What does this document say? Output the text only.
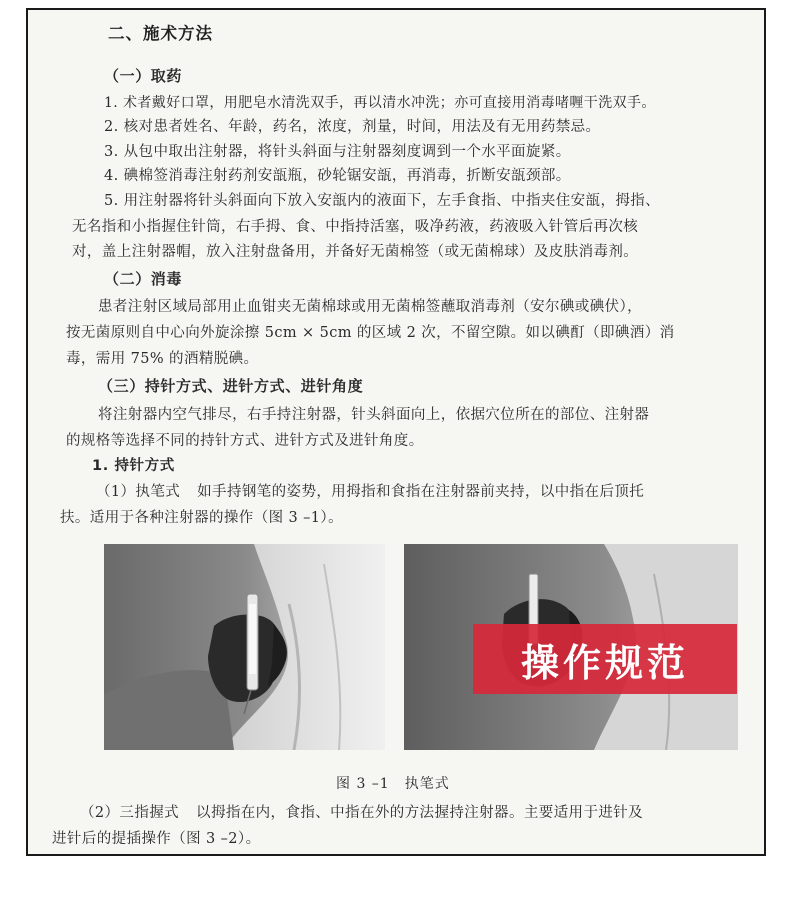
二、施术方法
（一）取药
1. 术者戴好口罩，用肥皂水清洗双手，再以清水冲洗；亦可直接用消毒啫喱干洗双手。
2. 核对患者姓名、年龄，药名，浓度，剂量，时间，用法及有无用药禁忌。
3. 从包中取出注射器，将针头斜面与注射器刻度调到一个水平面旋紧。
4. 碘棉签消毒注射药剂安瓿瓶，砂轮锯安瓿，再消毒，折断安瓿颈部。
5. 用注射器将针头斜面向下放入安瓿内的液面下，左手食指、中指夹住安瓿，拇指、
无名指和小指握住针筒，右手拇、食、中指持活塞，吸净药液，药液吸入针管后再次核
对，盖上注射器帽，放入注射盘备用，并备好无菌棉签（或无菌棉球）及皮肤消毒剂。
（二）消毒
患者注射区域局部用止血钳夹无菌棉球或用无菌棉签蘸取消毒剂（安尔碘或碘伏），
按无菌原则自中心向外旋涂擦 5cm × 5cm 的区域 2 次，不留空隙。如以碘酊（即碘酒）消
毒，需用 75% 的酒精脱碘。
（三）持针方式、进针方式、进针角度
将注射器内空气排尽，右手持注射器，针头斜面向上，依据穴位所在的部位、注射器
的规格等选择不同的持针方式、进针方式及进针角度。
1. 持针方式
（1）执笔式 如手持钢笔的姿势，用拇指和食指在注射器前夹持，以中指在后顶托
扶。适用于各种注射器的操作（图 3 –1）。
操作规范
图 3 –1　执笔式
（2）三指握式 以拇指在内，食指、中指在外的方法握持注射器。主要适用于进针及
进针后的提插操作（图 3 –2）。
